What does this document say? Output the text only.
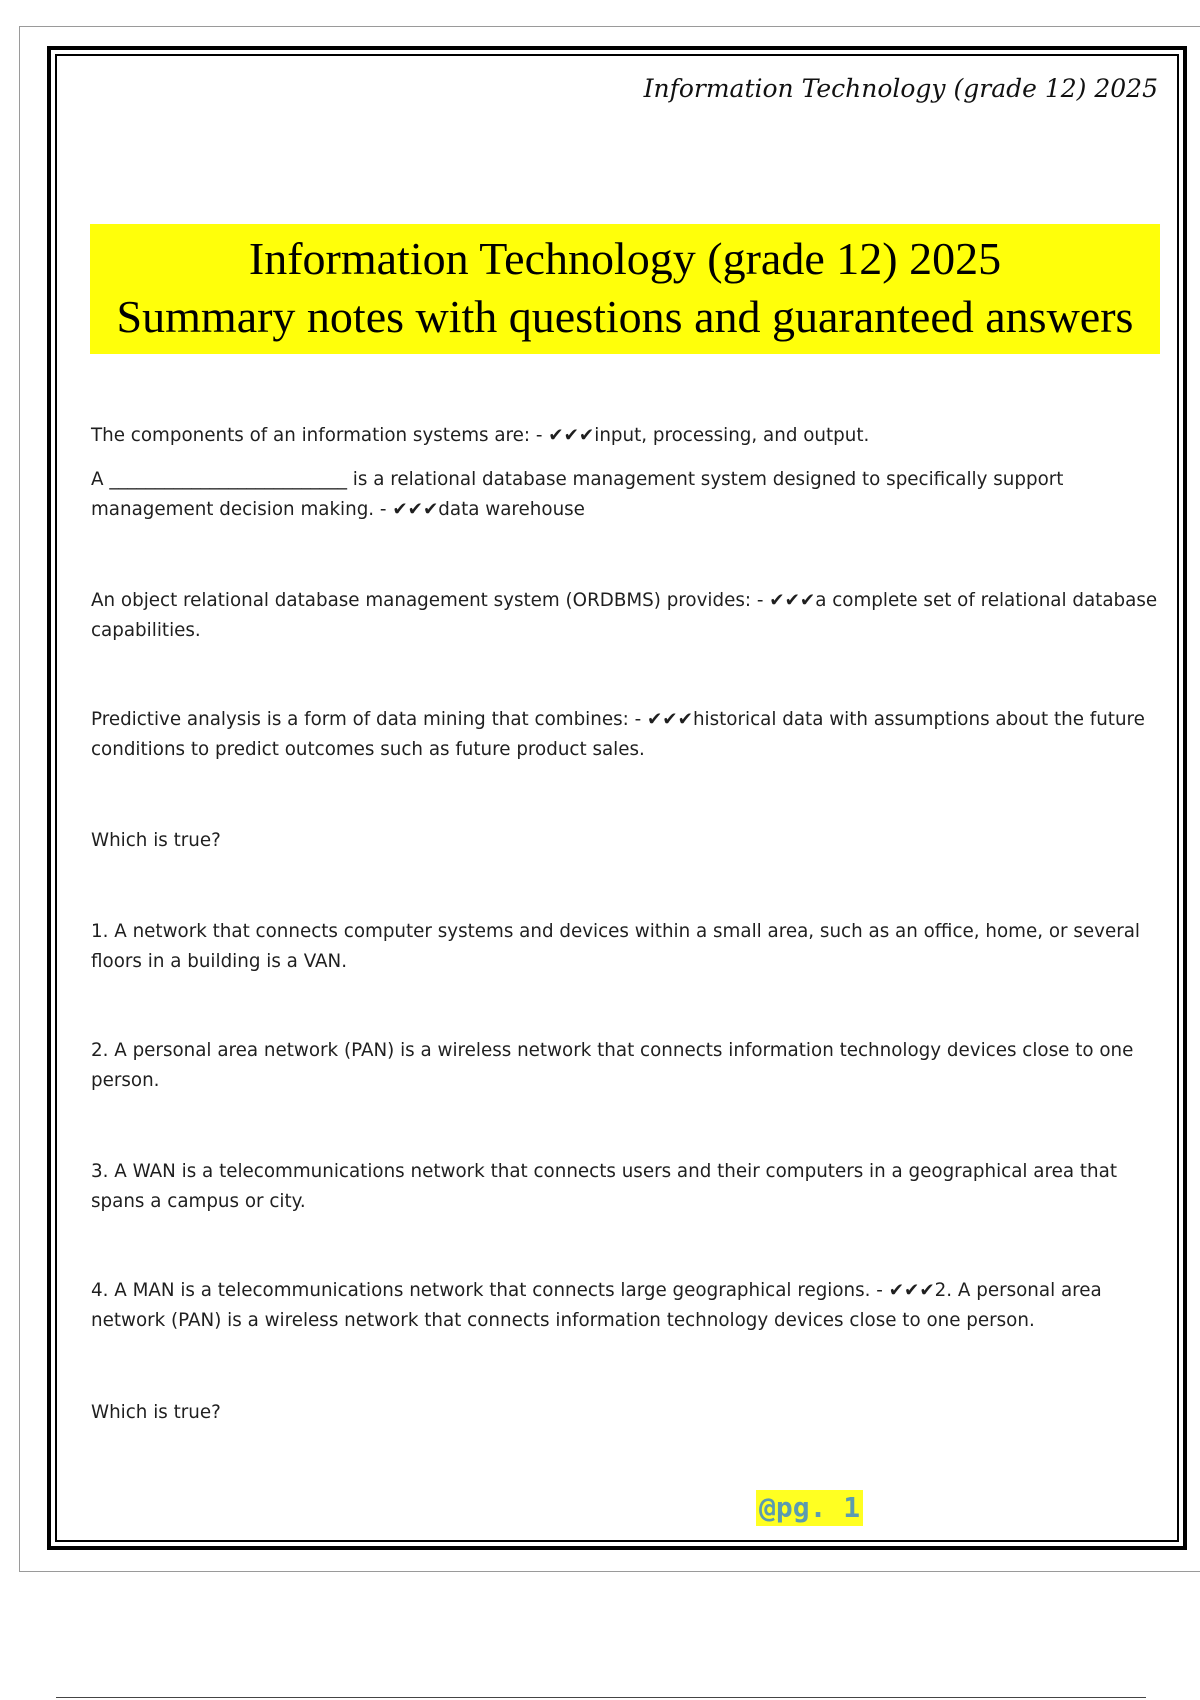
Information Technology (grade 12) 2025
Information Technology (grade 12) 2025
Summary notes with questions and guaranteed answers

The components of an information systems are: - ✔✔✔input, processing, and output.

A __________________________ is a relational database management system designed to specifically support management decision making. - ✔✔✔data warehouse

An object relational database management system (ORDBMS) provides: - ✔✔✔a complete set of relational database capabilities.

Predictive analysis is a form of data mining that combines: - ✔✔✔historical data with assumptions about the future conditions to predict outcomes such as future product sales.

Which is true?

1. A network that connects computer systems and devices within a small area, such as an office, home, or several floors in a building is a VAN.

2. A personal area network (PAN) is a wireless network that connects information technology devices close to one person.

3. A WAN is a telecommunications network that connects users and their computers in a geographical area that spans a campus or city.

4. A MAN is a telecommunications network that connects large geographical regions. - ✔✔✔2. A personal area network (PAN) is a wireless network that connects information technology devices close to one person.

Which is true?

@pg. 1
